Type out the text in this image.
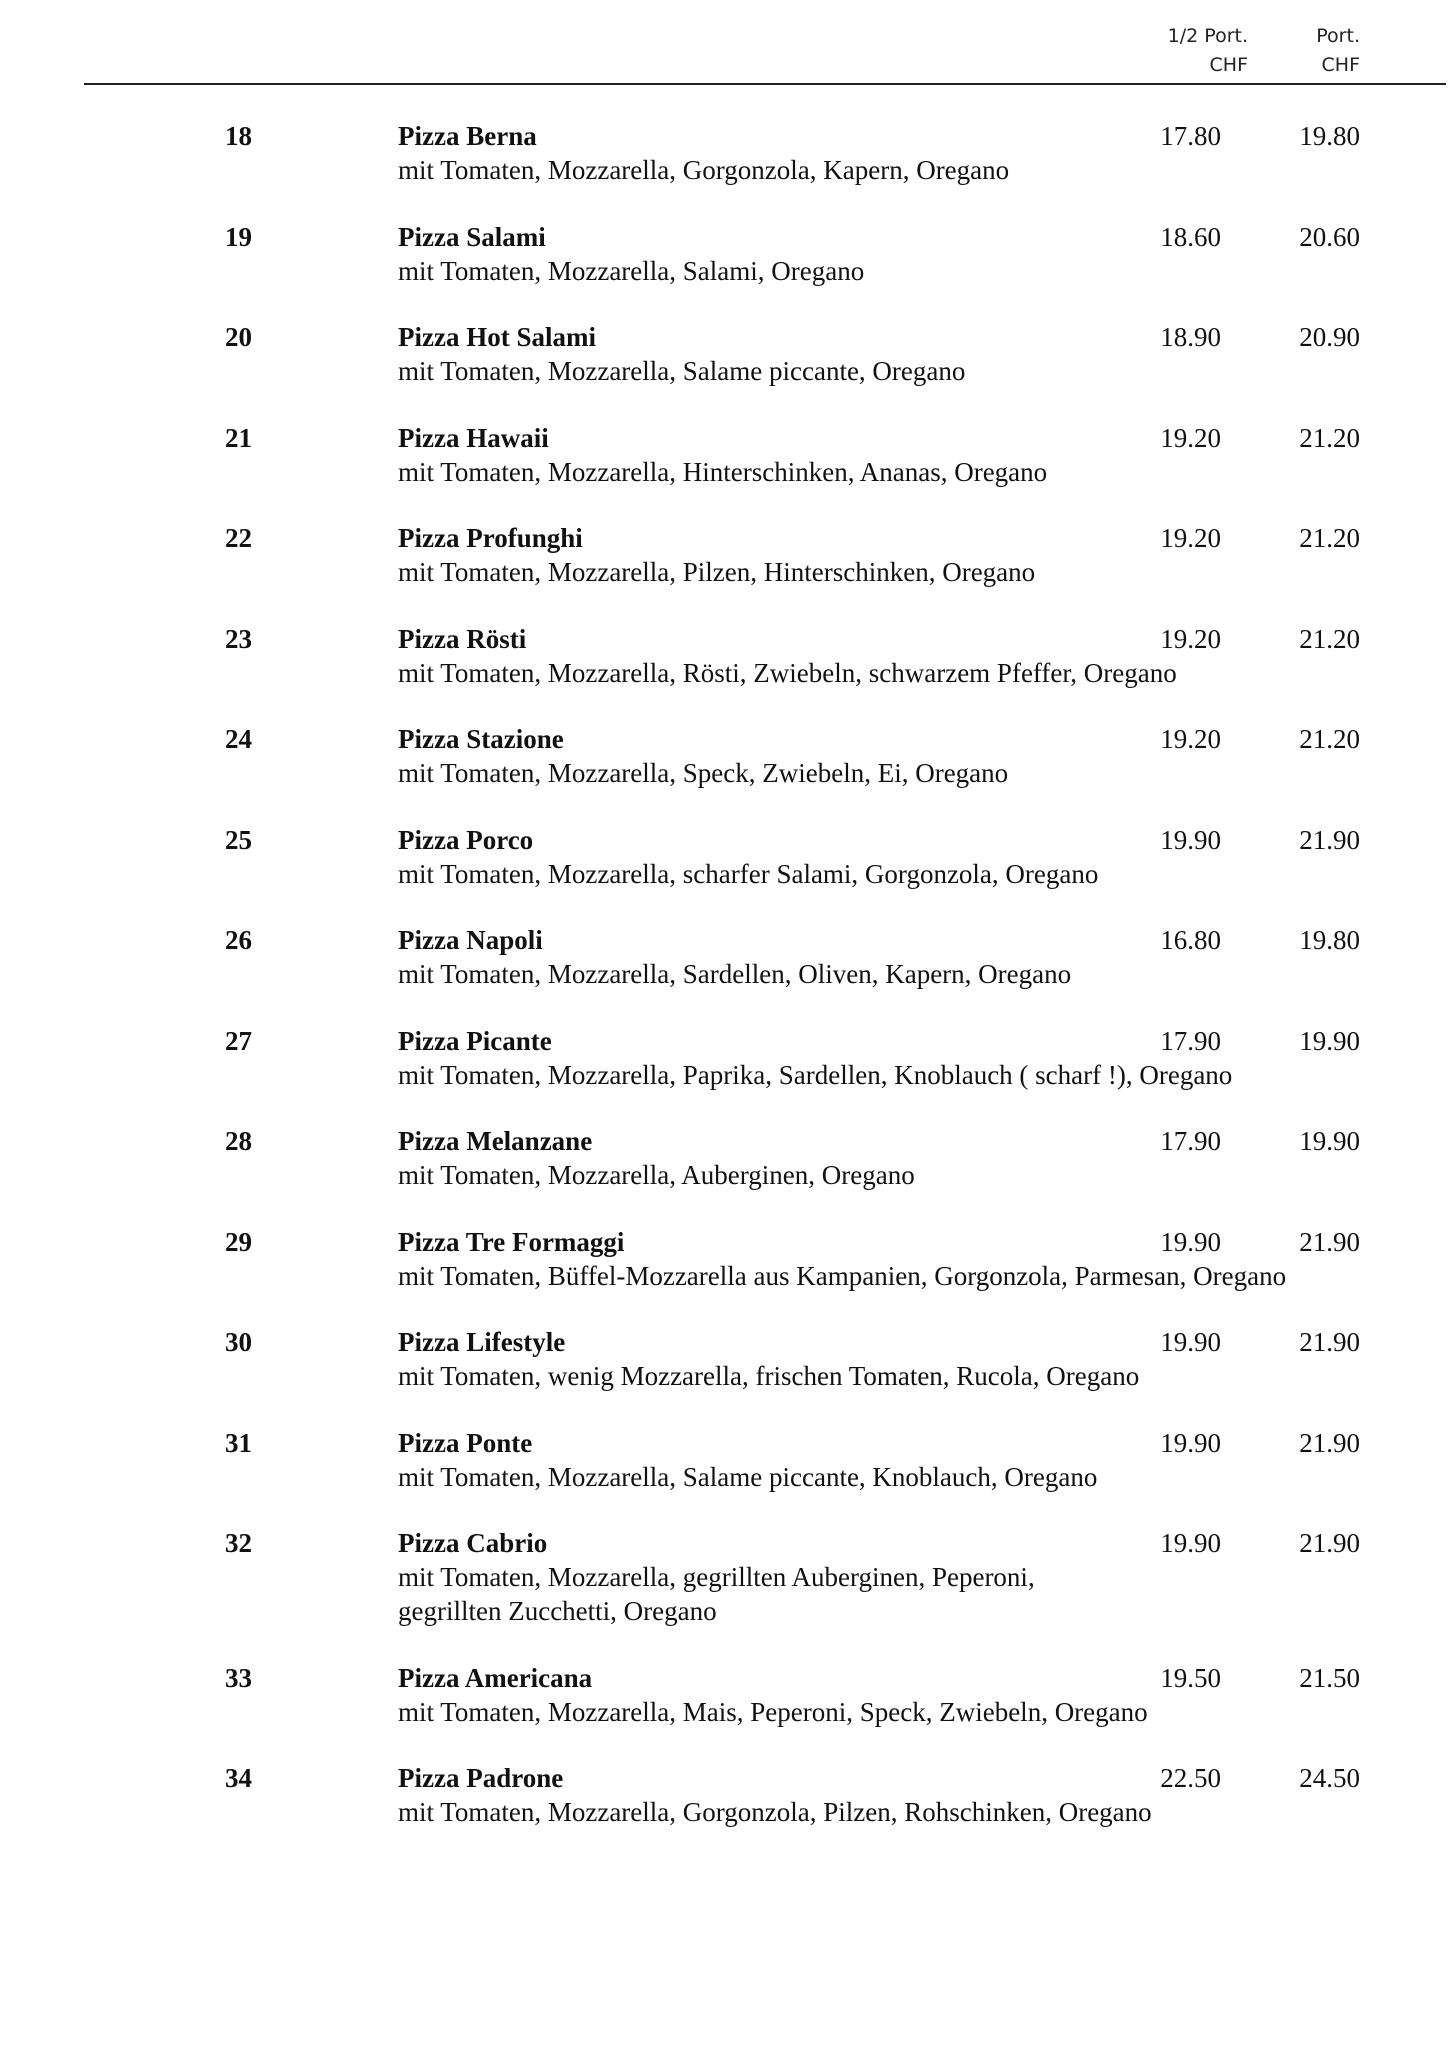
1/2 Port.
CHF
Port.
CHF
18	Pizza Berna
mit Tomaten, Mozzarella, Gorgonzola, Kapern, Oregano
17.80	19.80
19	Pizza Salami
mit Tomaten, Mozzarella, Salami, Oregano
18.60	20.60
20	Pizza Hot Salami
mit Tomaten, Mozzarella, Salame piccante, Oregano
18.90	20.90
21	Pizza Hawaii
mit Tomaten, Mozzarella, Hinterschinken, Ananas, Oregano
19.20	21.20
22	Pizza Profunghi
mit Tomaten, Mozzarella, Pilzen, Hinterschinken, Oregano
19.20	21.20
23	Pizza Rösti
mit Tomaten, Mozzarella, Rösti, Zwiebeln, schwarzem Pfeffer, Oregano
19.20	21.20
24	Pizza Stazione
mit Tomaten, Mozzarella, Speck, Zwiebeln, Ei, Oregano
19.20	21.20
25	Pizza Porco
mit Tomaten, Mozzarella, scharfer Salami, Gorgonzola, Oregano
19.90	21.90
26	Pizza Napoli
mit Tomaten, Mozzarella, Sardellen, Oliven, Kapern, Oregano
16.80	19.80
27	Pizza Picante
mit Tomaten, Mozzarella, Paprika, Sardellen, Knoblauch ( scharf !), Oregano
17.90	19.90
28	Pizza Melanzane
mit Tomaten, Mozzarella, Auberginen, Oregano
17.90	19.90
29	Pizza Tre Formaggi
mit Tomaten, Büffel-Mozzarella aus Kampanien, Gorgonzola, Parmesan, Oregano
19.90	21.90
30	Pizza Lifestyle
mit Tomaten, wenig Mozzarella, frischen Tomaten, Rucola, Oregano
19.90	21.90
31	Pizza Ponte
mit Tomaten, Mozzarella, Salame piccante, Knoblauch, Oregano
19.90	21.90
32	Pizza Cabrio
mit Tomaten, Mozzarella, gegrillten Auberginen, Peperoni,
gegrillten Zucchetti, Oregano
19.90	21.90
33	Pizza Americana
mit Tomaten, Mozzarella, Mais, Peperoni, Speck, Zwiebeln, Oregano
19.50	21.50
34	Pizza Padrone
mit Tomaten, Mozzarella, Gorgonzola, Pilzen, Rohschinken, Oregano
22.50	24.50
